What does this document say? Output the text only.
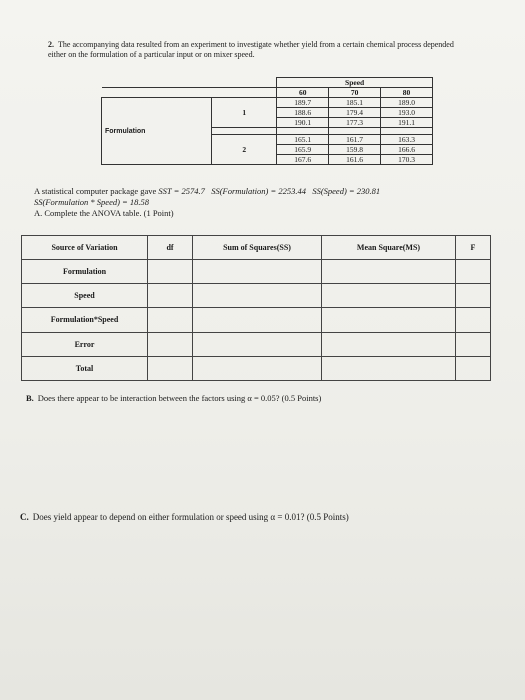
2. The accompanying data resulted from an experiment to investigate whether yield from a certain chemical process depended either on the formulation of a particular input or on mixer speed.
		Speed		
		60	70	80
Formulation	1	189.7	185.1	189.0
		188.6	179.4	193.0
		190.1	177.3	191.1

	2	165.1	161.7	163.3
		165.9	159.8	166.6
		167.6	161.6	170.3
A statistical computer package gave SST = 2574.7 SS(Formulation) = 2253.44 SS(Speed) = 230.81
SS(Formulation * Speed) = 18.58
A. Complete the ANOVA table. (1 Point)
Source of Variation	df	Sum of Squares(SS)	Mean Square(MS)	F
Formulation				
Speed				
Formulation*Speed				
Error				
Total				
B. Does there appear to be interaction between the factors using α = 0.05? (0.5 Points)
C. Does yield appear to depend on either formulation or speed using α = 0.01? (0.5 Points)
